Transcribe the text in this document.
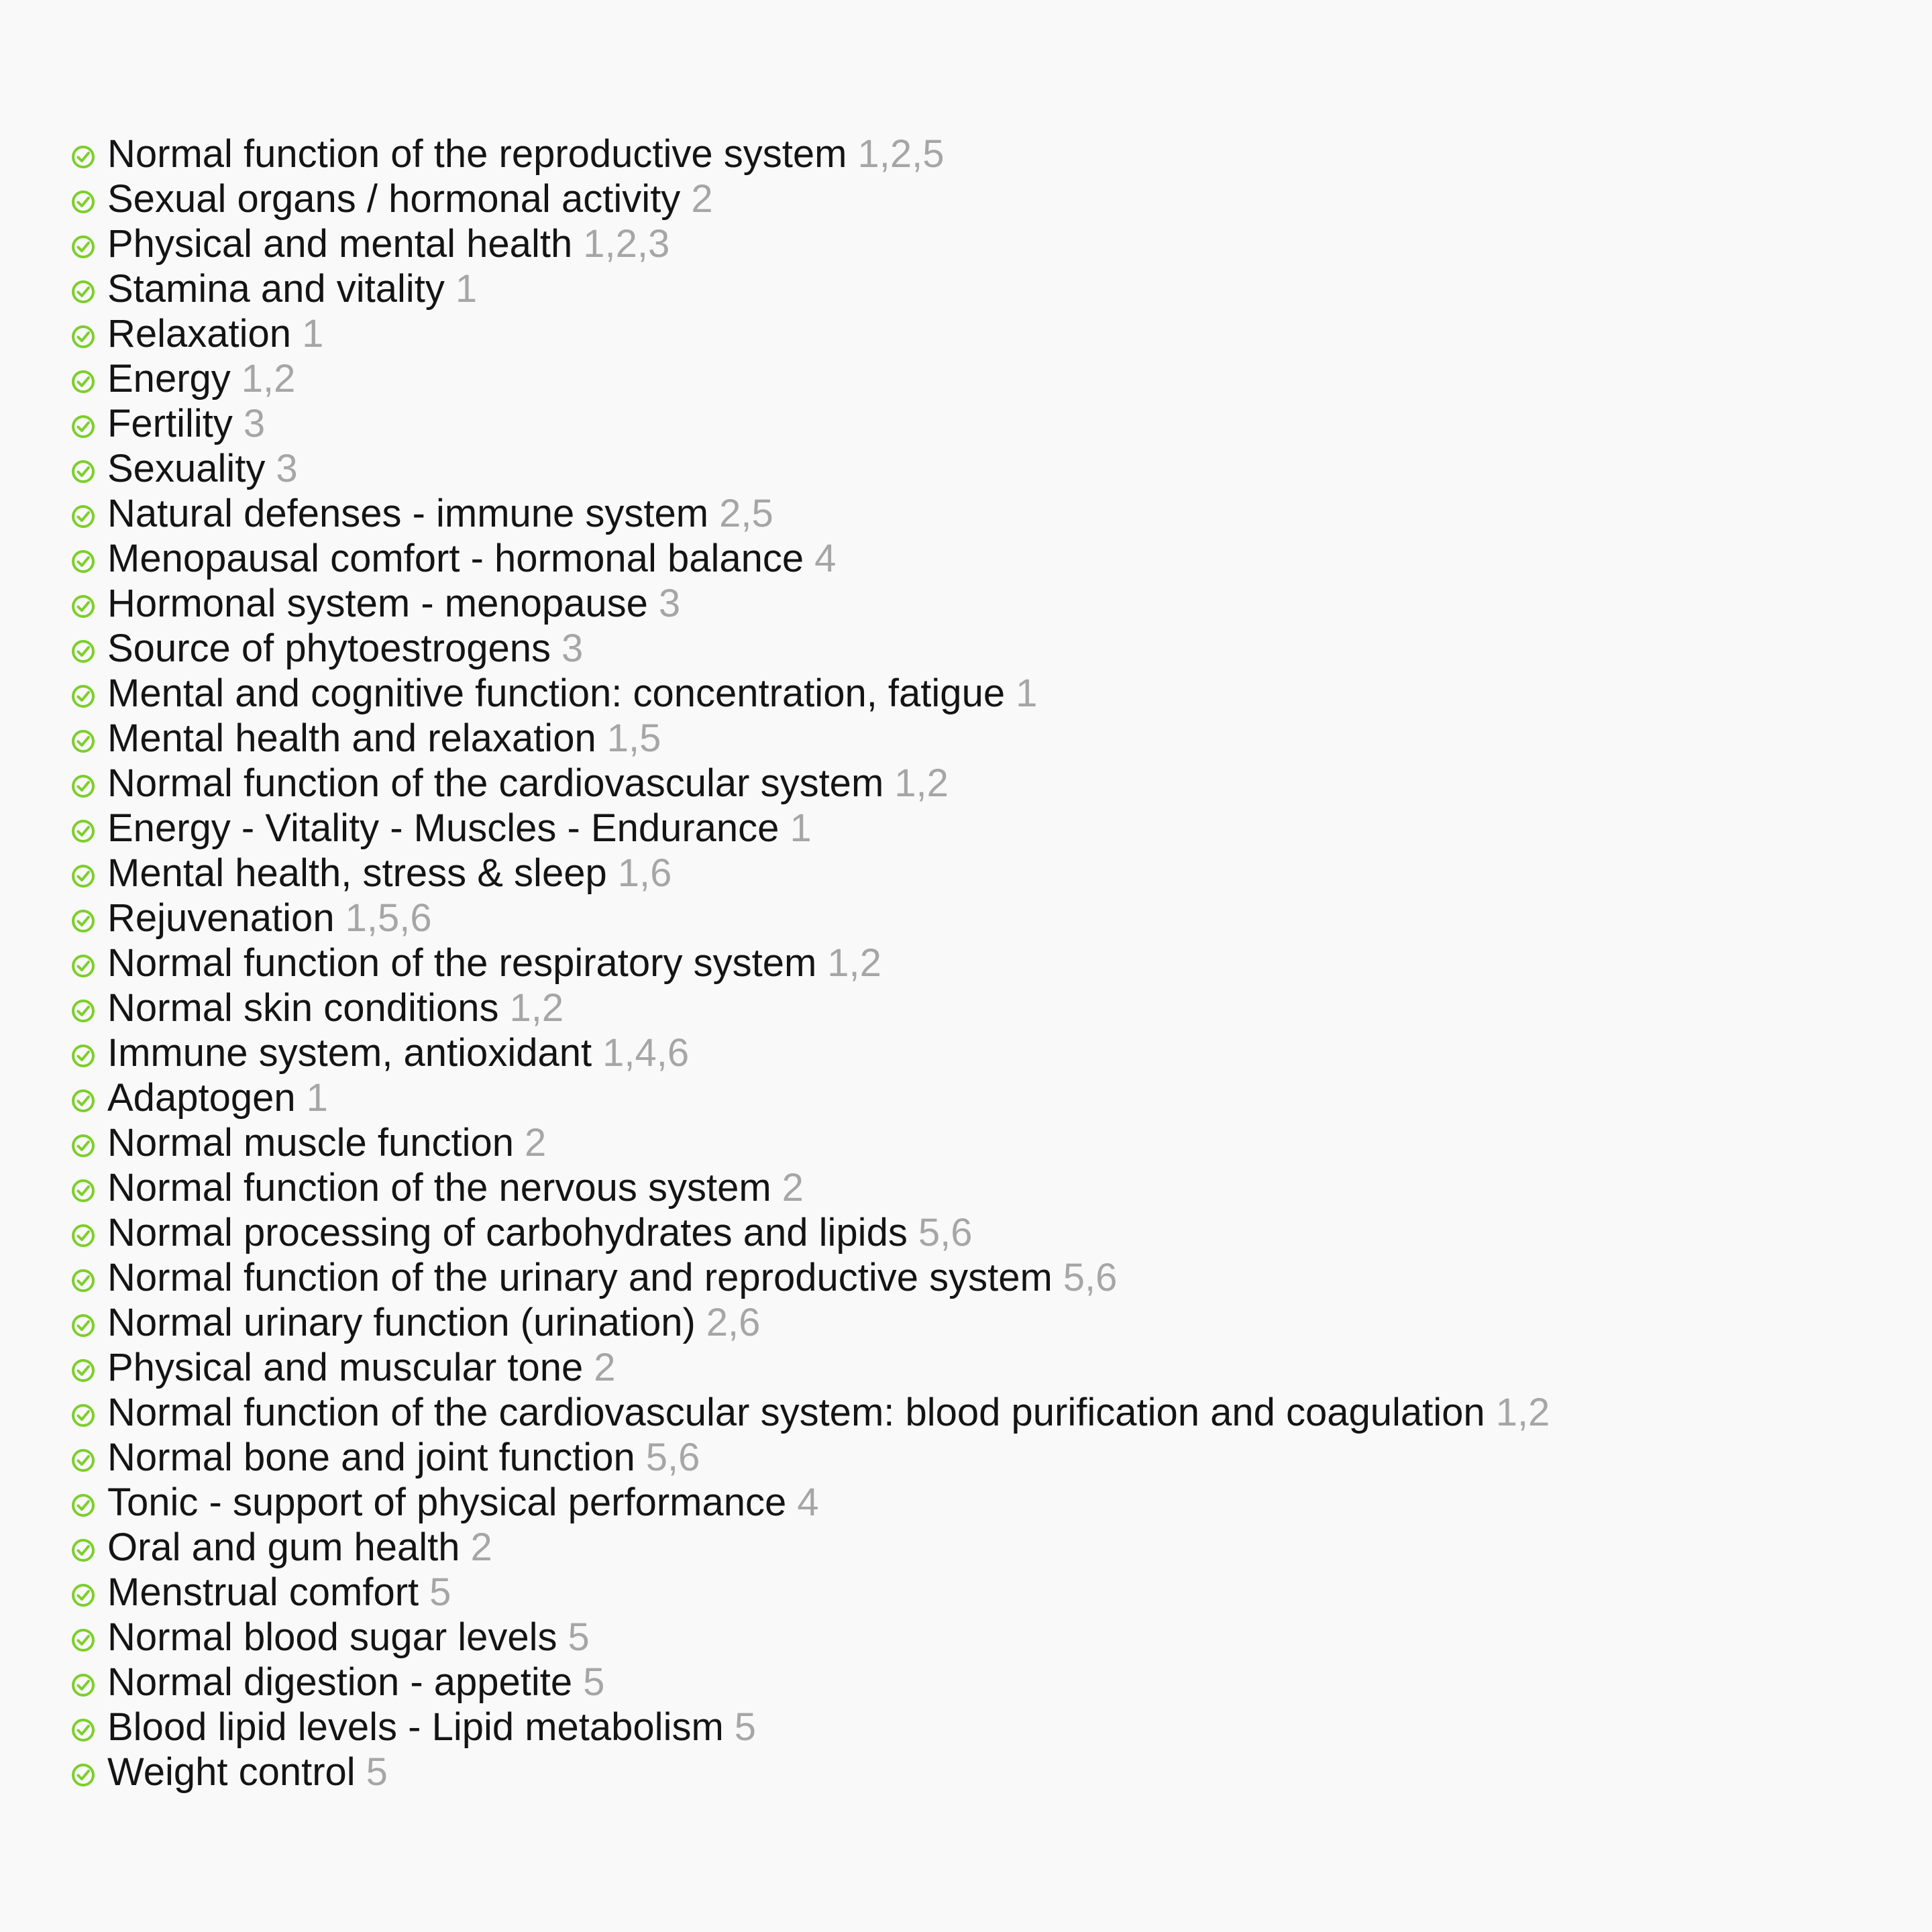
Normal function of the reproductive system 1,2,5
Sexual organs / hormonal activity 2
Physical and mental health 1,2,3
Stamina and vitality 1
Relaxation 1
Energy 1,2
Fertility 3
Sexuality 3
Natural defenses - immune system 2,5
Menopausal comfort - hormonal balance 4
Hormonal system - menopause 3
Source of phytoestrogens 3
Mental and cognitive function: concentration, fatigue 1
Mental health and relaxation 1,5
Normal function of the cardiovascular system 1,2
Energy - Vitality - Muscles - Endurance 1
Mental health, stress & sleep 1,6
Rejuvenation 1,5,6
Normal function of the respiratory system 1,2
Normal skin conditions 1,2
Immune system, antioxidant 1,4,6
Adaptogen 1
Normal muscle function 2
Normal function of the nervous system 2
Normal processing of carbohydrates and lipids 5,6
Normal function of the urinary and reproductive system 5,6
Normal urinary function (urination) 2,6
Physical and muscular tone 2
Normal function of the cardiovascular system: blood purification and coagulation 1,2
Normal bone and joint function 5,6
Tonic - support of physical performance 4
Oral and gum health 2
Menstrual comfort 5
Normal blood sugar levels 5
Normal digestion - appetite 5
Blood lipid levels - Lipid metabolism 5
Weight control 5
